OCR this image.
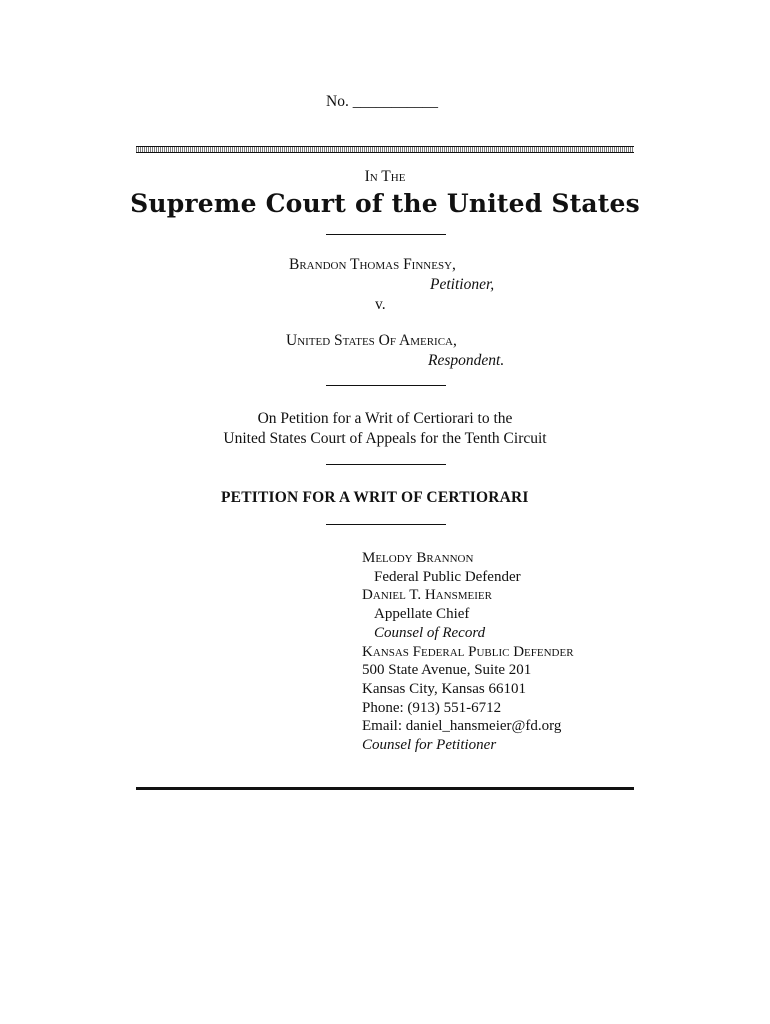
No. ___________
In The
Supreme Court of the United States
Brandon Thomas Finnesy,
Petitioner,
v.
United States Of America,
Respondent.
On Petition for a Writ of Certiorari to the
United States Court of Appeals for the Tenth Circuit
PETITION FOR A WRIT OF CERTIORARI
Melody Brannon
Federal Public Defender
Daniel T. Hansmeier
Appellate Chief
Counsel of Record
Kansas Federal Public Defender
500 State Avenue, Suite 201
Kansas City, Kansas 66101
Phone: (913) 551-6712
Email: daniel_hansmeier@fd.org
Counsel for Petitioner
